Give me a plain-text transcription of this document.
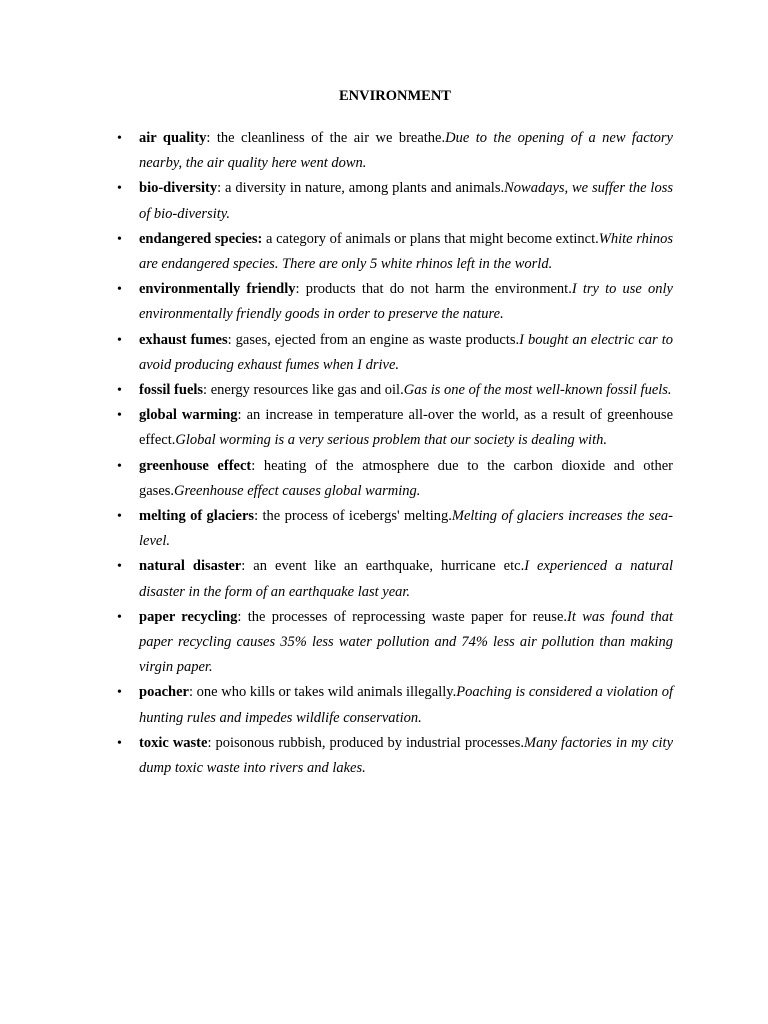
ENVIRONMENT
• air quality: the cleanliness of the air we breathe.Due to the opening of a new factory nearby, the air quality here went down.
• bio-diversity: a diversity in nature, among plants and animals.Nowadays, we suffer the loss of bio-diversity.
• endangered species: a category of animals or plans that might become extinct.White rhinos are endangered species. There are only 5 white rhinos left in the world.
• environmentally friendly: products that do not harm the environment.I try to use only environmentally friendly goods in order to preserve the nature.
• exhaust fumes: gases, ejected from an engine as waste products.I bought an electric car to avoid producing exhaust fumes when I drive.
• fossil fuels: energy resources like gas and oil.Gas is one of the most well-known fossil fuels.
• global warming: an increase in temperature all-over the world, as a result of greenhouse effect.Global worming is a very serious problem that our society is dealing with.
• greenhouse effect: heating of the atmosphere due to the carbon dioxide and other gases.Greenhouse effect causes global warming.
• melting of glaciers: the process of icebergs' melting.Melting of glaciers increases the sea-level.
• natural disaster: an event like an earthquake, hurricane etc.I experienced a natural disaster in the form of an earthquake last year.
• paper recycling: the processes of reprocessing waste paper for reuse.It was found that paper recycling causes 35% less water pollution and 74% less air pollution than making virgin paper.
• poacher: one who kills or takes wild animals illegally.Poaching is considered a violation of hunting rules and impedes wildlife conservation.
• toxic waste: poisonous rubbish, produced by industrial processes.Many factories in my city dump toxic waste into rivers and lakes.
